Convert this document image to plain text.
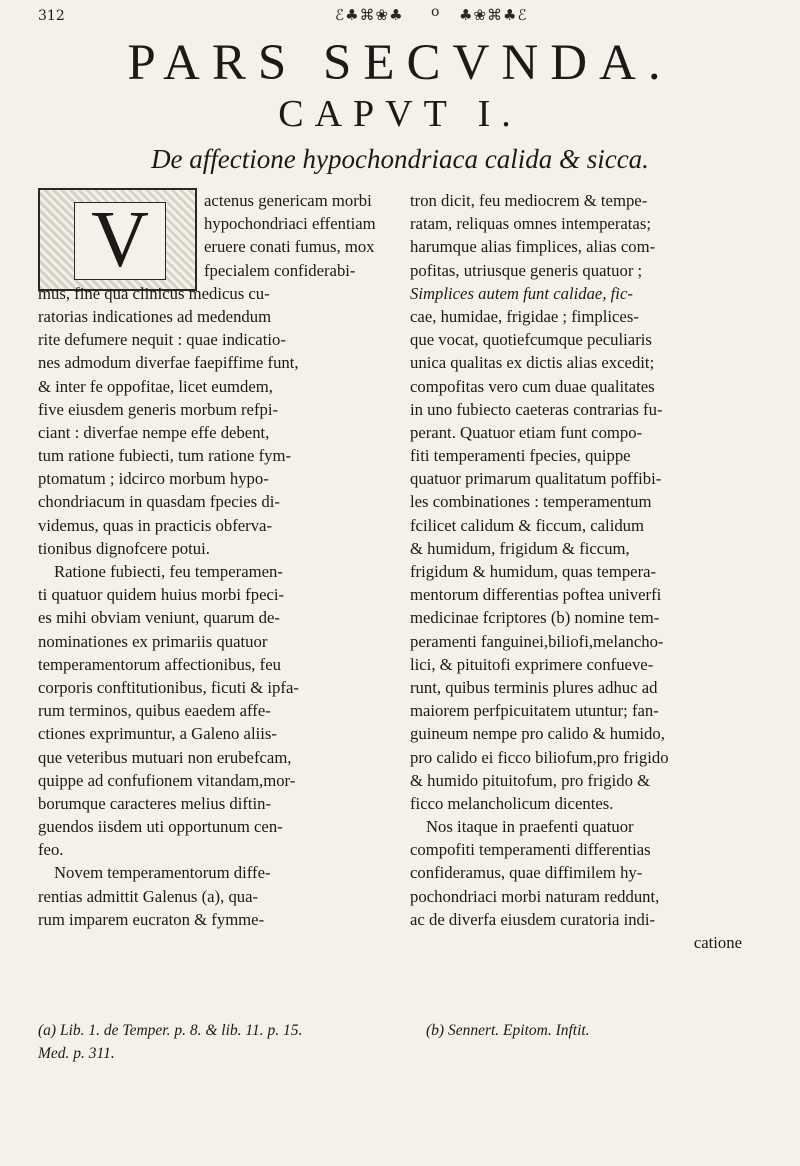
312	ℰ♣⌘❀♣ o ♣❀⌘♣ℰ
PARS SECVNDA.
CAPVT I.
De affectione hypochondriaca calida & sicca.
V	actenus genericam morbi
hypochondriaci effentiam
eruere conati fumus, mox
fpecialem confiderabi-
mus, fine qua clinicus medicus cu-
ratorias indicationes ad medendum
rite defumere nequit : quae indicatio-
nes admodum diverfae faepiffime funt,
& inter fe oppofitae, licet eumdem,
five eiusdem generis morbum refpi-
ciant : diverfae nempe effe debent,
tum ratione fubiecti, tum ratione fym-
ptomatum ; idcirco morbum hypo-
chondriacum in quasdam fpecies di-
videmus, quas in practicis obferva-
tionibus dignofcere potui.
Ratione fubiecti, feu temperamen-
ti quatuor quidem huius morbi fpeci-
es mihi obviam veniunt, quarum de-
nominationes ex primariis quatuor
temperamentorum affectionibus, feu
corporis conftitutionibus, ficuti & ipfa-
rum terminos, quibus eaedem affe-
ctiones exprimuntur, a Galeno aliis-
que veteribus mutuari non erubefcam,
quippe ad confufionem vitandam,mor-
borumque caracteres melius diftin-
guendos iisdem uti opportunum cen-
feo.
Novem temperamentorum diffe-
rentias admittit Galenus (a), qua-
rum imparem eucraton & fymme-
tron dicit, feu mediocrem & tempe-
ratam, reliquas omnes intemperatas;
harumque alias fimplices, alias com-
pofitas, utriusque generis quatuor ;
Simplices autem funt calidae, fic-
cae, humidae, frigidae ; fimplices-
que vocat, quotiefcumque peculiaris
unica qualitas ex dictis alias excedit;
compofitas vero cum duae qualitates
in uno fubiecto caeteras contrarias fu-
perant. Quatuor etiam funt compo-
fiti temperamenti fpecies, quippe
quatuor primarum qualitatum poffibi-
les combinationes : temperamentum
fcilicet calidum & ficcum, calidum
& humidum, frigidum & ficcum,
frigidum & humidum, quas tempera-
mentorum differentias poftea univerfi
medicinae fcriptores (b) nomine tem-
peramenti fanguinei,biliofi,melancho-
lici, & pituitofi exprimere confueve-
runt, quibus terminis plures adhuc ad
maiorem perfpicuitatem utuntur; fan-
guineum nempe pro calido & humido,
pro calido ei ficco biliofum,pro frigido
& humido pituitofum, pro frigido &
ficco melancholicum dicentes.
Nos itaque in praefenti quatuor
compofiti temperamenti differentias
confideramus, quae diffimilem hy-
pochondriaci morbi naturam reddunt,
ac de diverfa eiusdem curatoria indi-
catione
(a) Lib. 1. de Temper. p. 8. & lib. 11. p. 15.
Med. p. 311.
(b) Sennert. Epitom. Inftit.
